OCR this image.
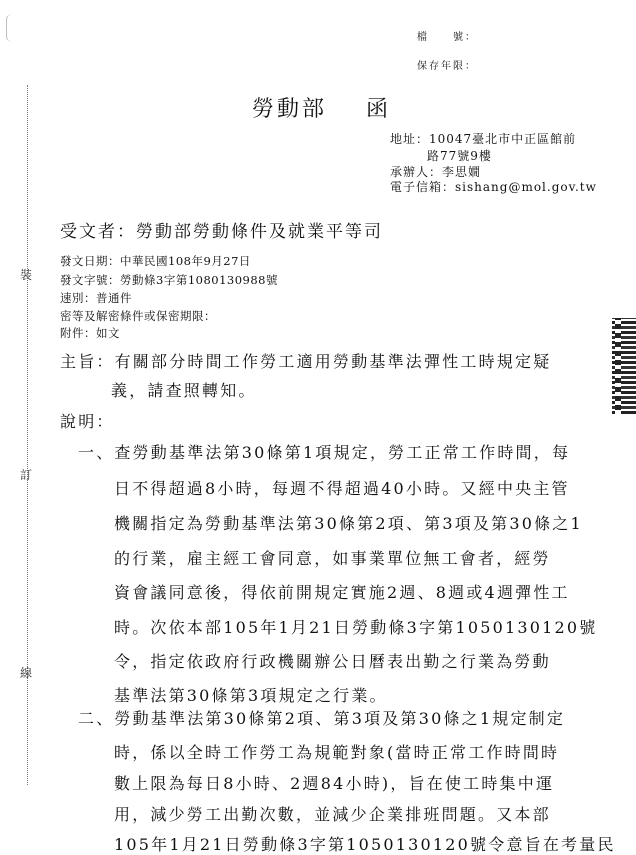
裝
訂
線
檔　　號：
保存年限：
勞動部 函
地址：10047臺北市中正區館前
路77號9樓
承辦人：李思嫺
電子信箱：sishang@mol.gov.tw
受文者：勞動部勞動條件及就業平等司
發文日期：中華民國108年9月27日
發文字號：勞動條3字第1080130988號
速別：普通件
密等及解密條件或保密期限：
附件：如文
主旨：有關部分時間工作勞工適用勞動基準法彈性工時規定疑
義，請查照轉知。
說明：
一、查勞動基準法第30條第1項規定，勞工正常工作時間，每
日不得超過8小時，每週不得超過40小時。又經中央主管
機關指定為勞動基準法第30條第2項、第3項及第30條之1
的行業，雇主經工會同意，如事業單位無工會者，經勞
資會議同意後，得依前開規定實施2週、8週或4週彈性工
時。次依本部105年1月21日勞動條3字第1050130120號
令，指定依政府行政機關辦公日曆表出勤之行業為勞動
基準法第30條第3項規定之行業。
二、勞動基準法第30條第2項、第3項及第30條之1規定制定
時，係以全時工作勞工為規範對象(當時正常工作時間時
數上限為每日8小時、2週84小時)，旨在使工時集中運
用，減少勞工出勤次數，並減少企業排班問題。又本部
105年1月21日勞動條3字第1050130120號令意旨在考量民
